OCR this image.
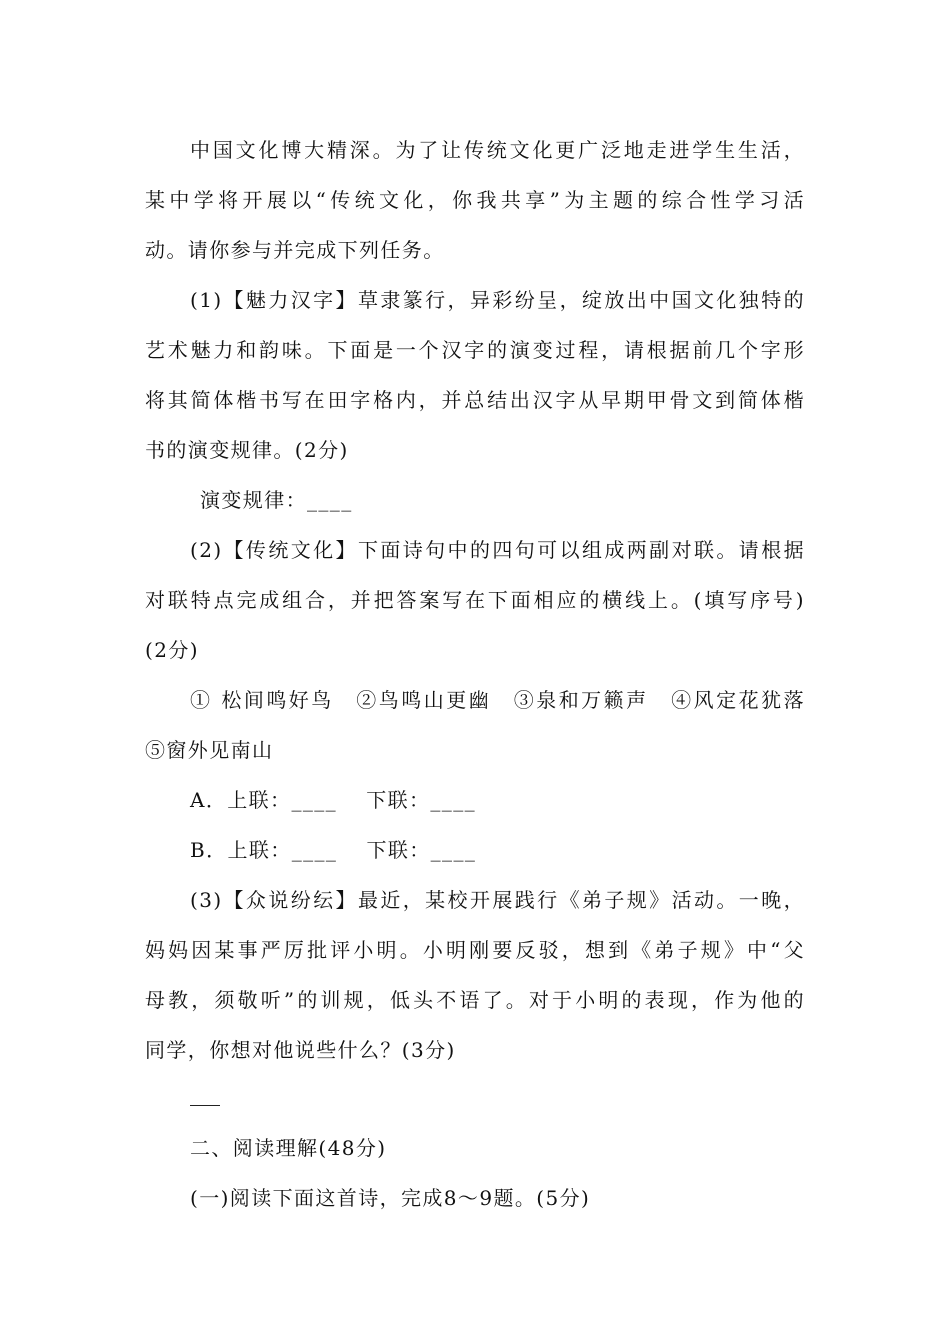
中国文化博大精深。为了让传统文化更广泛地走进学生生活，
某中学将开展以“传统文化，你我共享”为主题的综合性学习活
动。请你参与并完成下列任务。
(1)【魅力汉字】草隶篆行，异彩纷呈，绽放出中国文化独特的
艺术魅力和韵味。下面是一个汉字的演变过程，请根据前几个字形
将其简体楷书写在田字格内，并总结出汉字从早期甲骨文到简体楷
书的演变规律。(2分)
演变规律：____
(2)【传统文化】下面诗句中的四句可以组成两副对联。请根据
对联特点完成组合，并把答案写在下面相应的横线上。(填写序号)
(2分)
① 松间鸣好鸟　②鸟鸣山更幽　③泉和万籁声　④风定花犹落
⑤窗外见南山
A．上联：____　 下联：____
B．上联：____　 下联：____
(3)【众说纷纭】最近，某校开展践行《弟子规》活动。一晚，
妈妈因某事严厉批评小明。小明刚要反驳，想到《弟子规》中“父
母教，须敬听”的训规，低头不语了。对于小明的表现，作为他的
同学，你想对他说些什么？(3分)
二、阅读理解(48分)
(一)阅读下面这首诗，完成8～9题。(5分)
